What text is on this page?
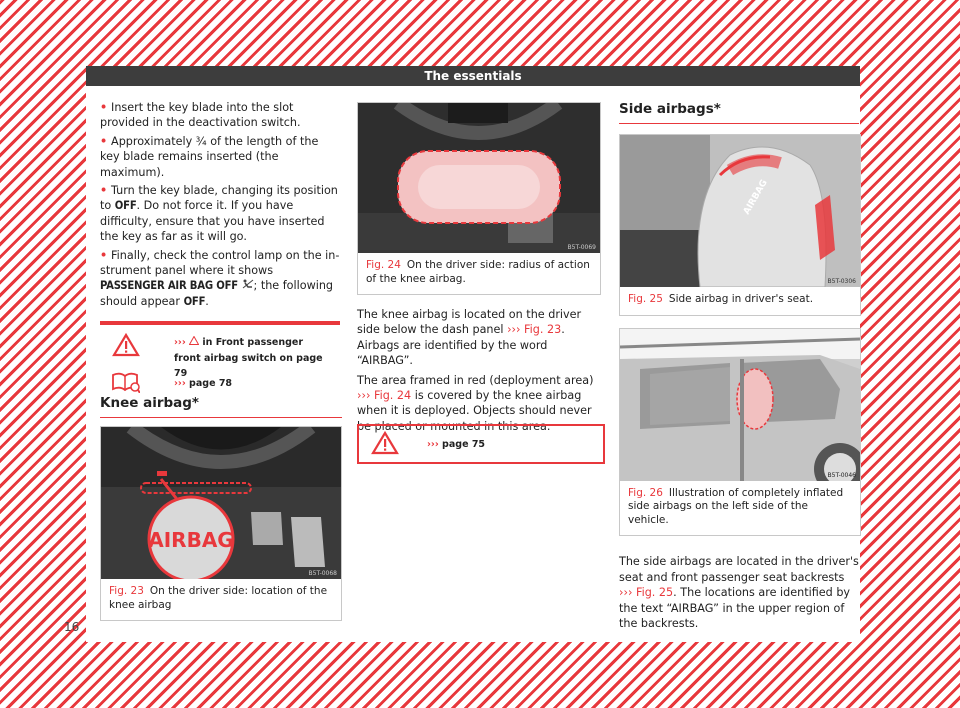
The essentials
• Insert the key blade into the slot provided in the deactivation switch.
• Approximately ¾ of the length of the key blade remains inserted (the maximum).
• Turn the key blade, changing its position to OFF. Do not force it. If you have difficulty, ensure that you have inserted the key as far as it will go.
• Finally, check the control lamp on the instrument panel where it shows PASSENGER AIR BAG OFF ; the following should appear OFF.
›››  in Front passenger front airbag switch on page 79
››› page 78
Knee airbag*
AIRBAG
B5T-0068
Fig. 23 On the driver side: location of the knee airbag
B5T-0069
Fig. 24 On the driver side: radius of action of the knee airbag.

The knee airbag is located on the driver side below the dash panel ››› Fig. 23. Airbags are identified by the word “AIRBAG”.

The area framed in red (deployment area) ››› Fig. 24 is covered by the knee airbag when it is deployed. Objects should never be placed or mounted in this area.

››› page 75
Side airbags*
AIRBAG
B5T-0306
Fig. 25 Side airbag in driver's seat.
B5T-0046
Fig. 26 Illustration of completely inflated side airbags on the left side of the vehicle.

The side airbags are located in the driver's seat and front passenger seat backrests ››› Fig. 25. The locations are identified by the text “AIRBAG” in the upper region of the backrests.

16
